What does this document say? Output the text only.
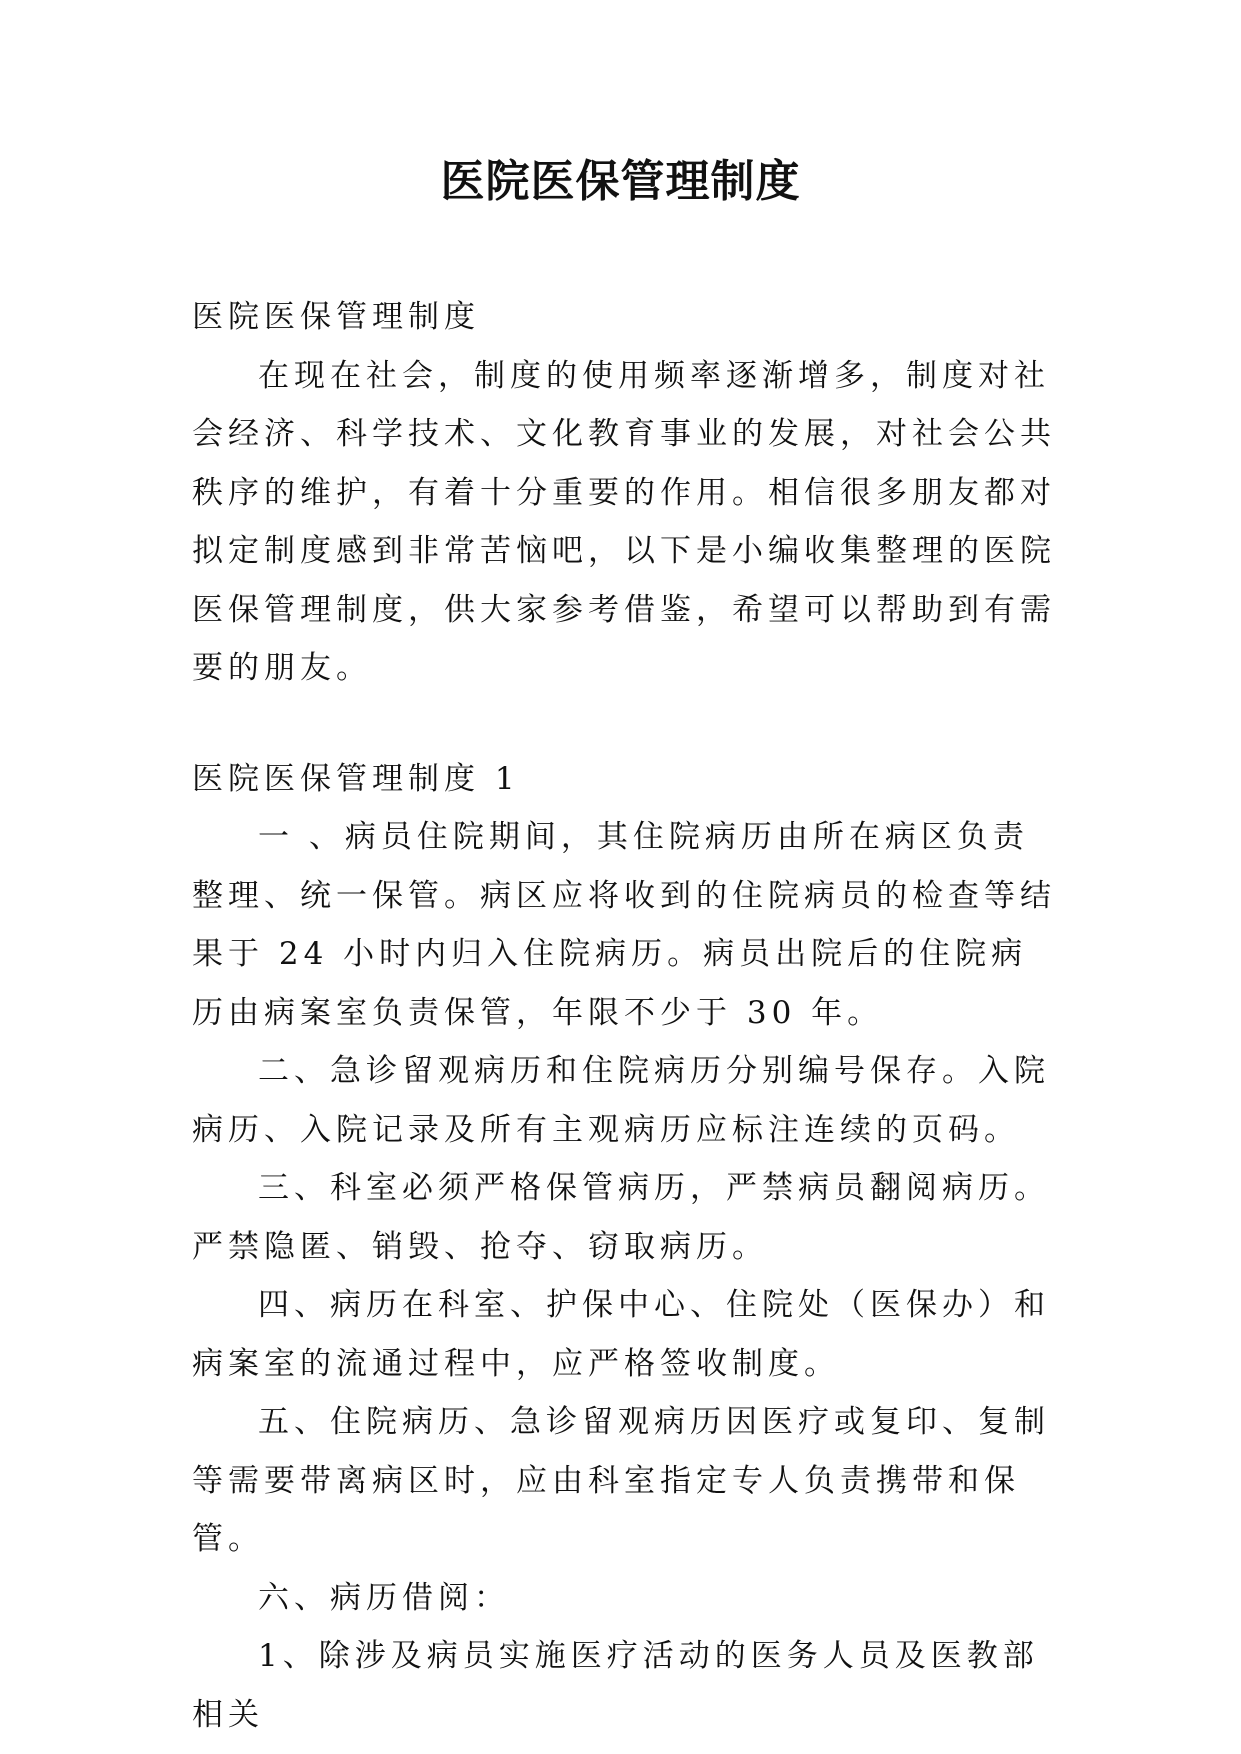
医院医保管理制度

医院医保管理制度

在现在社会，制度的使用频率逐渐增多，制度对社会经济、科学技术、文化教育事业的发展，对社会公共秩序的维护，有着十分重要的作用。相信很多朋友都对拟定制度感到非常苦恼吧，以下是小编收集整理的医院医保管理制度，供大家参考借鉴，希望可以帮助到有需要的朋友。

医院医保管理制度 1

一 、病员住院期间，其住院病历由所在病区负责整理、统一保管。病区应将收到的住院病员的检查等结果于 24 小时内归入住院病历。病员出院后的住院病历由病案室负责保管，年限不少于 30 年。

二、急诊留观病历和住院病历分别编号保存。入院病历、入院记录及所有主观病历应标注连续的页码。

三、科室必须严格保管病历，严禁病员翻阅病历。严禁隐匿、销毁、抢夺、窃取病历。

四、病历在科室、护保中心、住院处（医保办）和病案室的流通过程中，应严格签收制度。

五、住院病历、急诊留观病历因医疗或复印、复制等需要带离病区时，应由科室指定专人负责携带和保管。

六、病历借阅：

1、除涉及病员实施医疗活动的医务人员及医教部相关
